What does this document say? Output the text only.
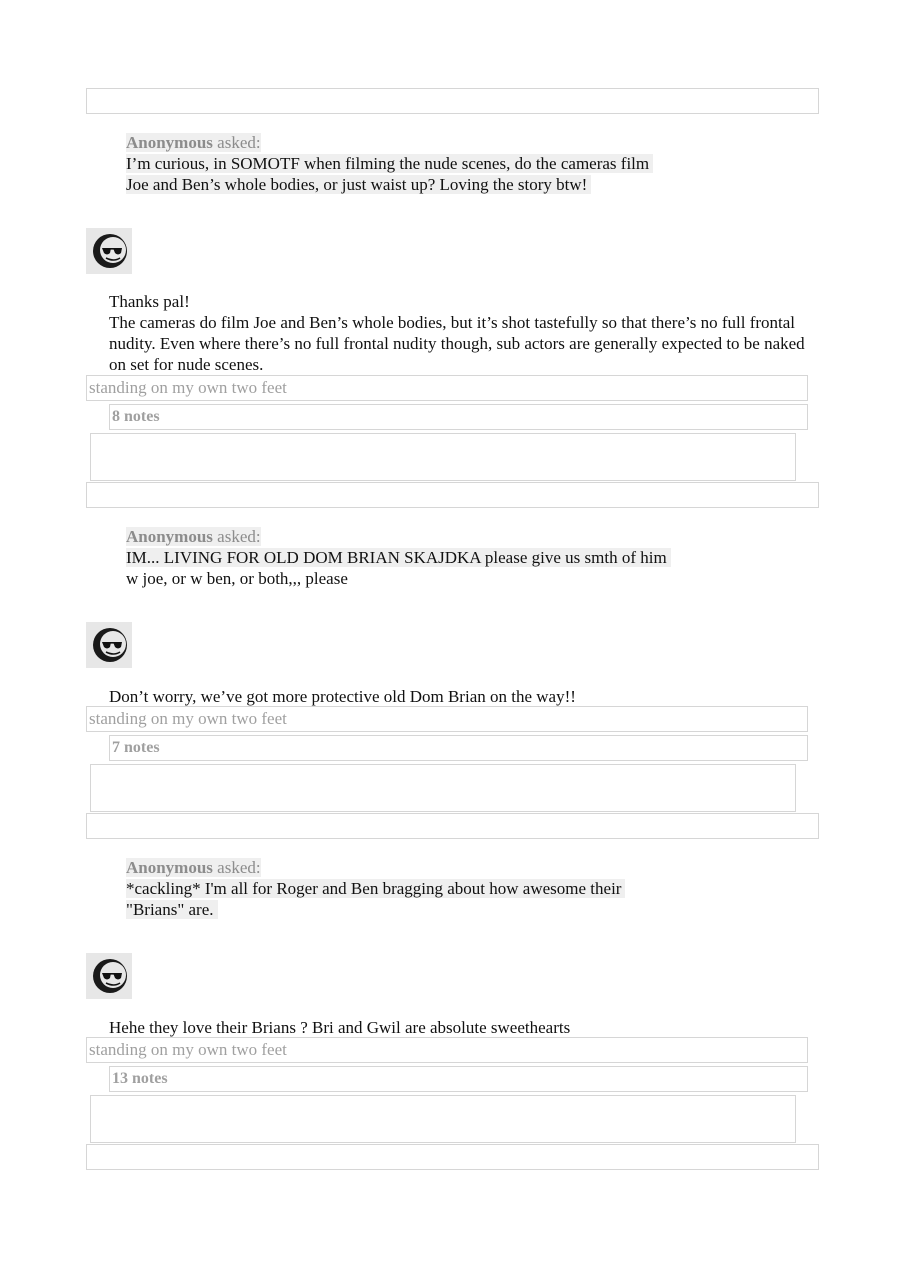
Anonymous asked:
I’m curious, in SOMOTF when filming the nude scenes, do the cameras film
Joe and Ben’s whole bodies, or just waist up? Loving the story btw!

Thanks pal!

The cameras do film Joe and Ben’s whole bodies, but it’s shot tastefully so that there’s no full frontal nudity. Even where there’s no full frontal nudity though, sub actors are generally expected to be naked on set for nude scenes.

standing on my own two feet
8 notes
Anonymous asked:
IM... LIVING FOR OLD DOM BRIAN SKAJDKA please give us smth of him
w joe, or w ben, or both,,, please

Don’t worry, we’ve got more protective old Dom Brian on the way!!

standing on my own two feet
7 notes
Anonymous asked:
*cackling* I'm all for Roger and Ben bragging about how awesome their
"Brians" are.

Hehe they love their Brians ? Bri and Gwil are absolute sweethearts

standing on my own two feet
13 notes
